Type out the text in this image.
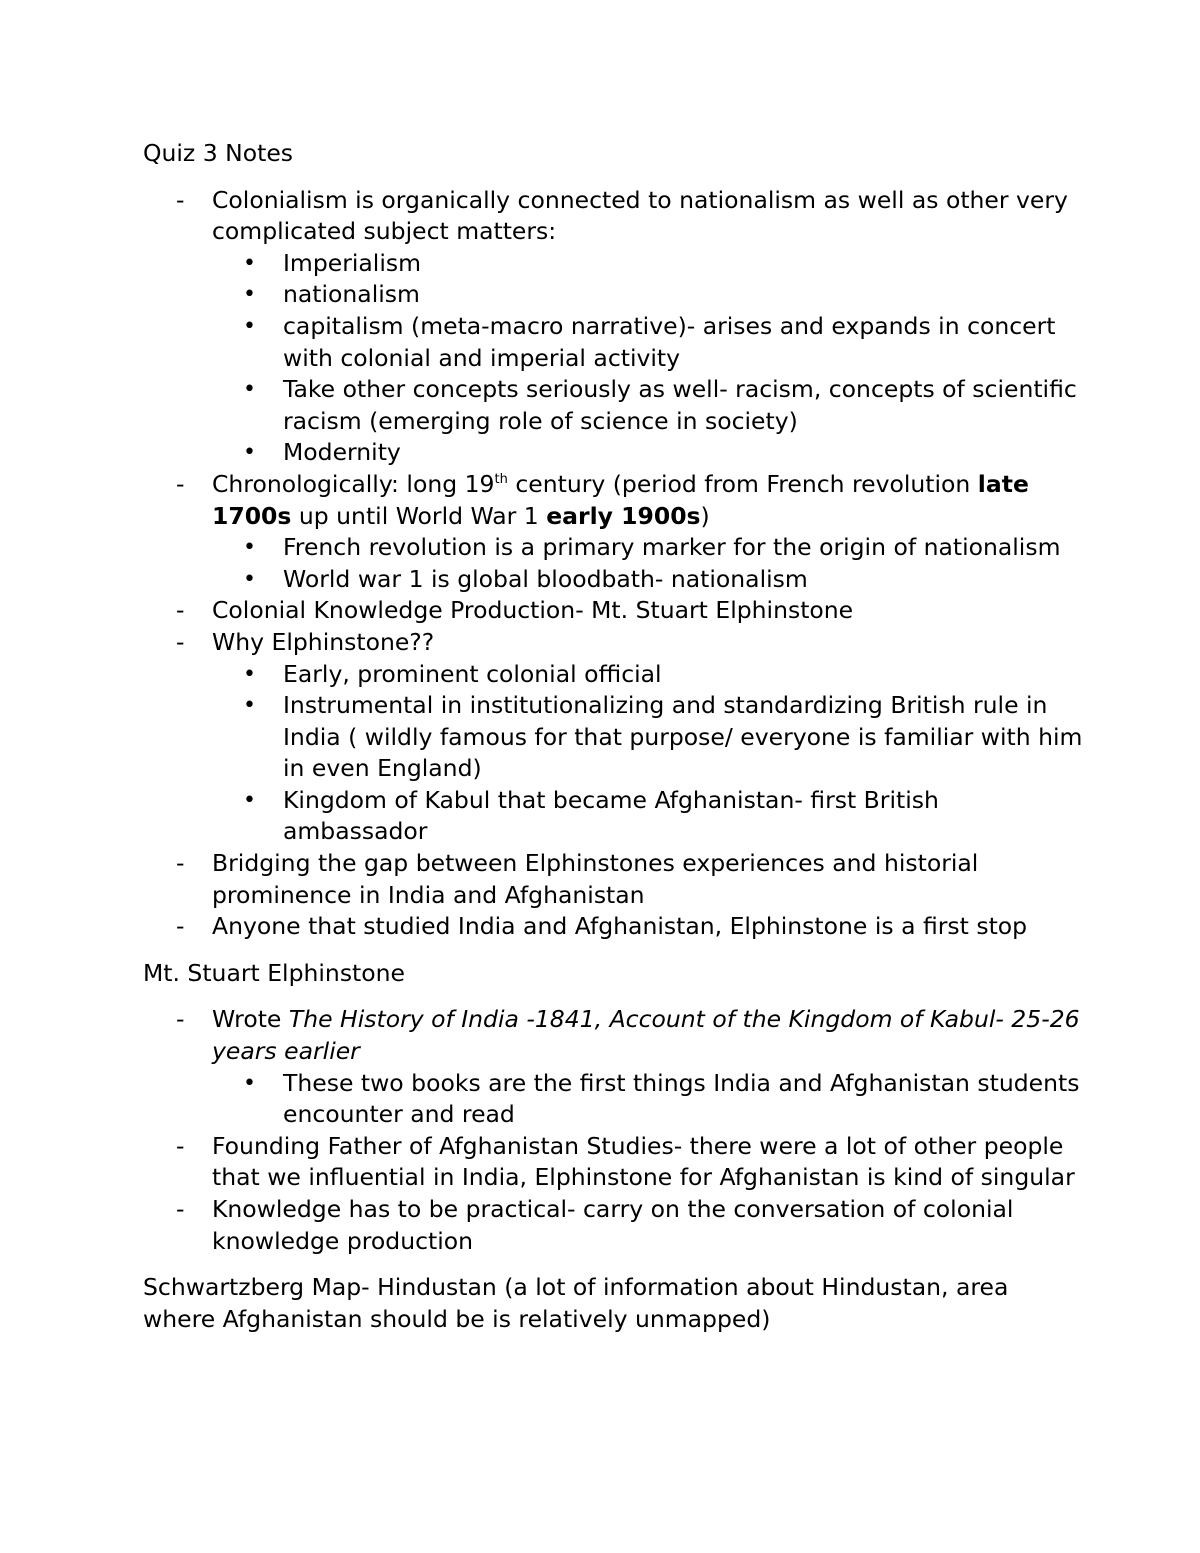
Quiz 3 Notes

- Colonialism is organically connected to nationalism as well as other very complicated subject matters:
• Imperialism
• nationalism
• capitalism (meta-macro narrative)- arises and expands in concert with colonial and imperial activity
• Take other concepts seriously as well- racism, concepts of scientific racism (emerging role of science in society)
• Modernity
- Chronologically: long 19th century (period from French revolution late 1700s up until World War 1 early 1900s)
• French revolution is a primary marker for the origin of nationalism
• World war 1 is global bloodbath- nationalism
- Colonial Knowledge Production- Mt. Stuart Elphinstone
- Why Elphinstone??
• Early, prominent colonial official
• Instrumental in institutionalizing and standardizing British rule in India ( wildly famous for that purpose/ everyone is familiar with him in even England)
• Kingdom of Kabul that became Afghanistan- first British ambassador
- Bridging the gap between Elphinstones experiences and historial prominence in India and Afghanistan
- Anyone that studied India and Afghanistan, Elphinstone is a first stop

Mt. Stuart Elphinstone

- Wrote The History of India -1841, Account of the Kingdom of Kabul- 25-26 years earlier
• These two books are the first things India and Afghanistan students encounter and read
- Founding Father of Afghanistan Studies- there were a lot of other people that we influential in India, Elphinstone for Afghanistan is kind of singular
- Knowledge has to be practical- carry on the conversation of colonial knowledge production

Schwartzberg Map- Hindustan (a lot of information about Hindustan, area where Afghanistan should be is relatively unmapped)
